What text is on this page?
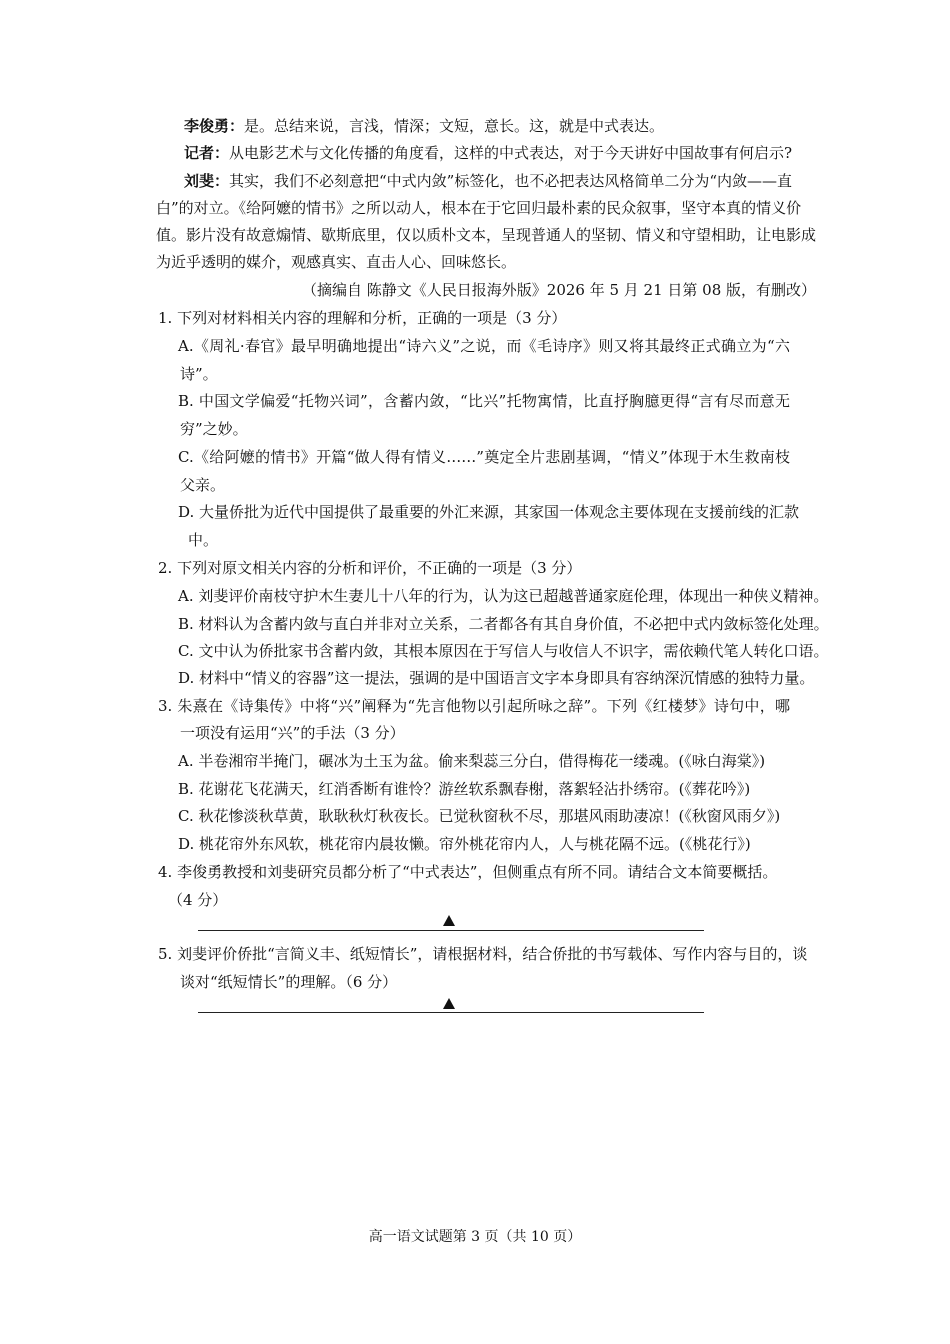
李俊勇：是。总结来说，言浅，情深；文短，意长。这，就是中式表达。
记者：从电影艺术与文化传播的角度看，这样的中式表达，对于今天讲好中国故事有何启示?
刘斐：其实，我们不必刻意把“中式内敛”标签化，也不必把表达风格简单二分为“内敛——直
白”的对立。《给阿嬷的情书》之所以动人，根本在于它回归最朴素的民众叙事，坚守本真的情义价
值。影片没有故意煽情、歇斯底里，仅以质朴文本，呈现普通人的坚韧、情义和守望相助，让电影成
为近乎透明的媒介，观感真实、直击人心、回味悠长。
（摘编自 陈静文《人民日报海外版》2026 年 5 月 21 日第 08 版，有删改）
1. 下列对材料相关内容的理解和分析，正确的一项是（3 分）
A.《周礼·春官》最早明确地提出“诗六义”之说，而《毛诗序》则又将其最终正式确立为“六
诗”。
B. 中国文学偏爱“托物兴词”，含蓄内敛，“比兴”托物寓情，比直抒胸臆更得“言有尽而意无
穷”之妙。
C.《给阿嬷的情书》开篇“做人得有情义……”奠定全片悲剧基调，“情义”体现于木生救南枝
父亲。
D. 大量侨批为近代中国提供了最重要的外汇来源，其家国一体观念主要体现在支援前线的汇款
中。
2. 下列对原文相关内容的分析和评价，不正确的一项是（3 分）
A. 刘斐评价南枝守护木生妻儿十八年的行为，认为这已超越普通家庭伦理，体现出一种侠义精神。
B. 材料认为含蓄内敛与直白并非对立关系，二者都各有其自身价值，不必把中式内敛标签化处理。
C. 文中认为侨批家书含蓄内敛，其根本原因在于写信人与收信人不识字，需依赖代笔人转化口语。
D. 材料中“情义的容器”这一提法，强调的是中国语言文字本身即具有容纳深沉情感的独特力量。
3. 朱熹在《诗集传》中将“兴”阐释为“先言他物以引起所咏之辞”。下列《红楼梦》诗句中，哪
一项没有运用“兴”的手法（3 分）
A. 半卷湘帘半掩门，碾冰为土玉为盆。偷来梨蕊三分白，借得梅花一缕魂。(《咏白海棠》)
B. 花谢花飞花满天，红消香断有谁怜？游丝软系飘春榭，落絮轻沾扑绣帘。(《葬花吟》)
C. 秋花惨淡秋草黄，耿耿秋灯秋夜长。已觉秋窗秋不尽，那堪风雨助凄凉！(《秋窗风雨夕》)
D. 桃花帘外东风软，桃花帘内晨妆懒。帘外桃花帘内人，人与桃花隔不远。(《桃花行》)
4. 李俊勇教授和刘斐研究员都分析了“中式表达”，但侧重点有所不同。请结合文本简要概括。
（4 分）
5. 刘斐评价侨批“言简义丰、纸短情长”，请根据材料，结合侨批的书写载体、写作内容与目的，谈
谈对“纸短情长”的理解。（6 分）
高一语文试题第 3 页（共 10 页）
